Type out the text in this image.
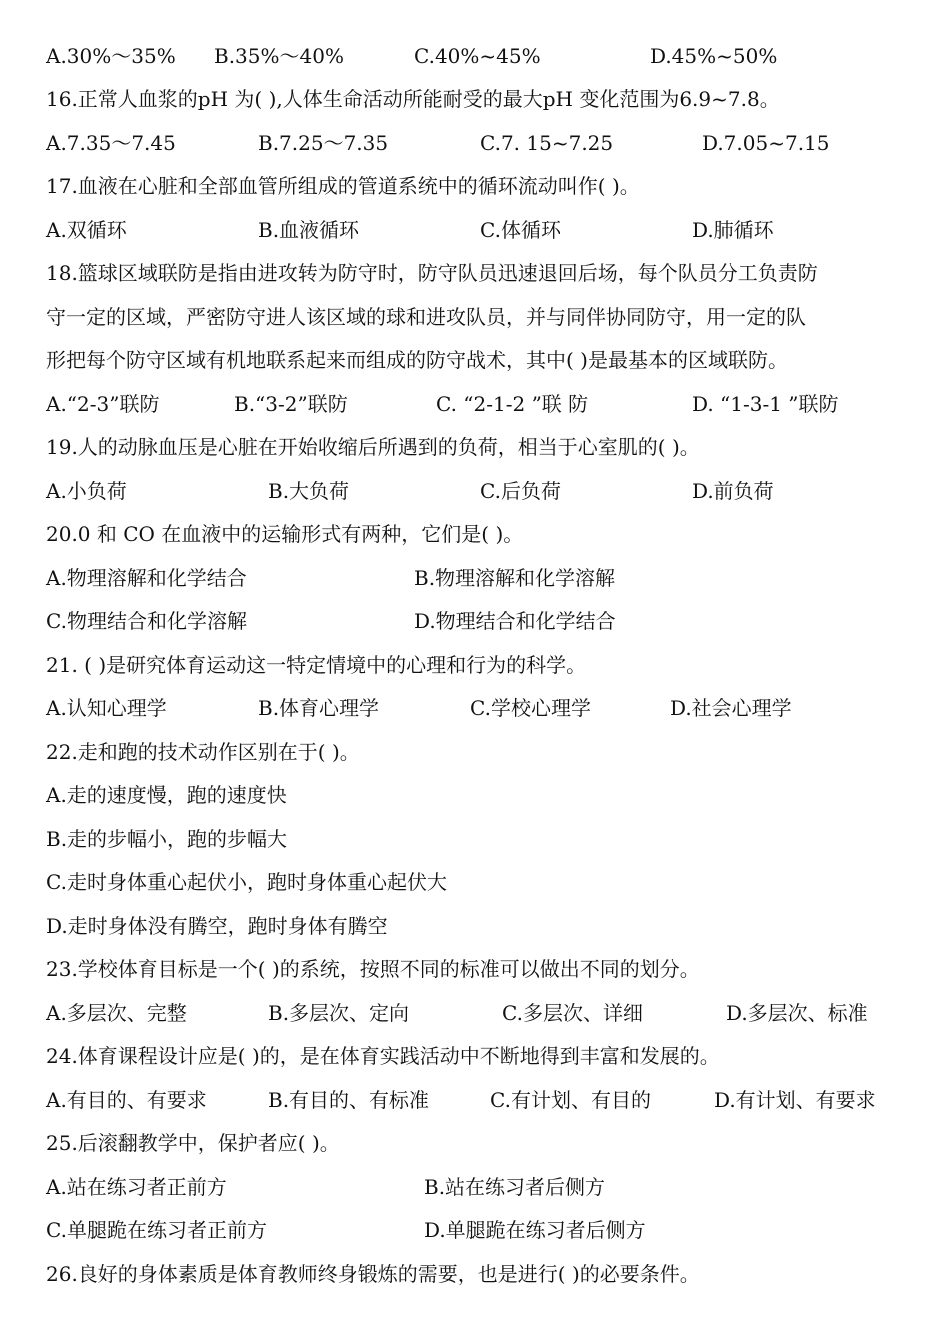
A.30%～35% B.35%～40%	C.40%~45%	D.45%~50%
16.正常人血浆的pH 为( ),人体生命活动所能耐受的最大pH 变化范围为6.9~7.8。
A.7.35～7.45	B.7.25～7.35	C.7. 15~7.25	D.7.05~7.15
17.血液在心脏和全部血管所组成的管道系统中的循环流动叫作( )。
A.双循环	B.血液循环	C.体循环	D.肺循环
18.篮球区域联防是指由进攻转为防守时，防守队员迅速退回后场，每个队员分工负责防
守一定的区域，严密防守进人该区域的球和进攻队员，并与同伴协同防守，用一定的队
形把每个防守区域有机地联系起来而组成的防守战术，其中( )是最基本的区域联防。
A.“2-3”联防	B.“3-2”联防	C. “2-1-2 ”联 防	D. “1-3-1 ”联防
19.人的动脉血压是心脏在开始收缩后所遇到的负荷，相当于心室肌的( )。
A.小负荷	B.大负荷	C.后负荷	D.前负荷
20.0 和 CO 在血液中的运输形式有两种，它们是( )。
A.物理溶解和化学结合	B.物理溶解和化学溶解
C.物理结合和化学溶解	D.物理结合和化学结合
21. ( )是研究体育运动这一特定情境中的心理和行为的科学。
A.认知心理学	B.体育心理学	C.学校心理学	D.社会心理学
22.走和跑的技术动作区别在于( )。
A.走的速度慢，跑的速度快
B.走的步幅小，跑的步幅大
C.走时身体重心起伏小，跑时身体重心起伏大
D.走时身体没有腾空，跑时身体有腾空
23.学校体育目标是一个( )的系统，按照不同的标准可以做出不同的划分。
A.多层次、完整	B.多层次、定向	C.多层次、详细	D.多层次、标准
24.体育课程设计应是( )的，是在体育实践活动中不断地得到丰富和发展的。
A.有目的、有要求	B.有目的、有标准	C.有计划、有目的	D.有计划、有要求
25.后滚翻教学中，保护者应( )。
A.站在练习者正前方	B.站在练习者后侧方
C.单腿跪在练习者正前方	D.单腿跪在练习者后侧方
26.良好的身体素质是体育教师终身锻炼的需要，也是进行( )的必要条件。
